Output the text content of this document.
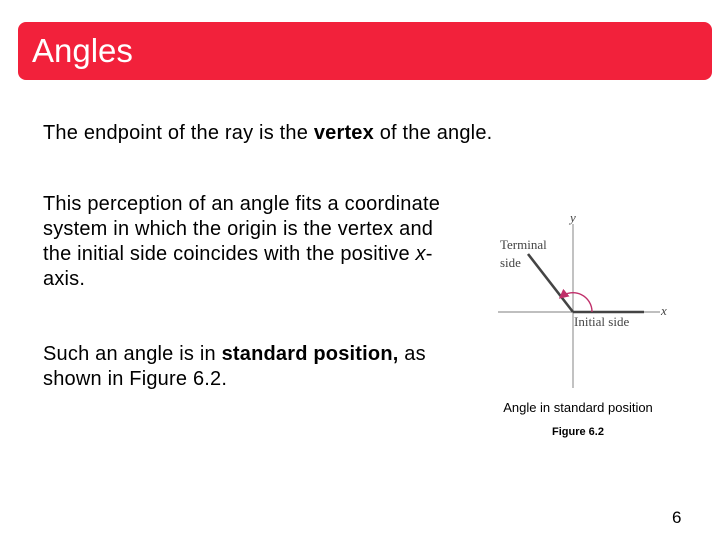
Angles
The endpoint of the ray is the vertex of the angle.
This perception of an angle fits a coordinate system in which the origin is the vertex and the initial side coincides with the positive x-axis.
Such an angle is in standard position, as shown in Figure 6.2.
y
x
Terminal
side
Initial side
Angle in standard position
Figure 6.2
6
